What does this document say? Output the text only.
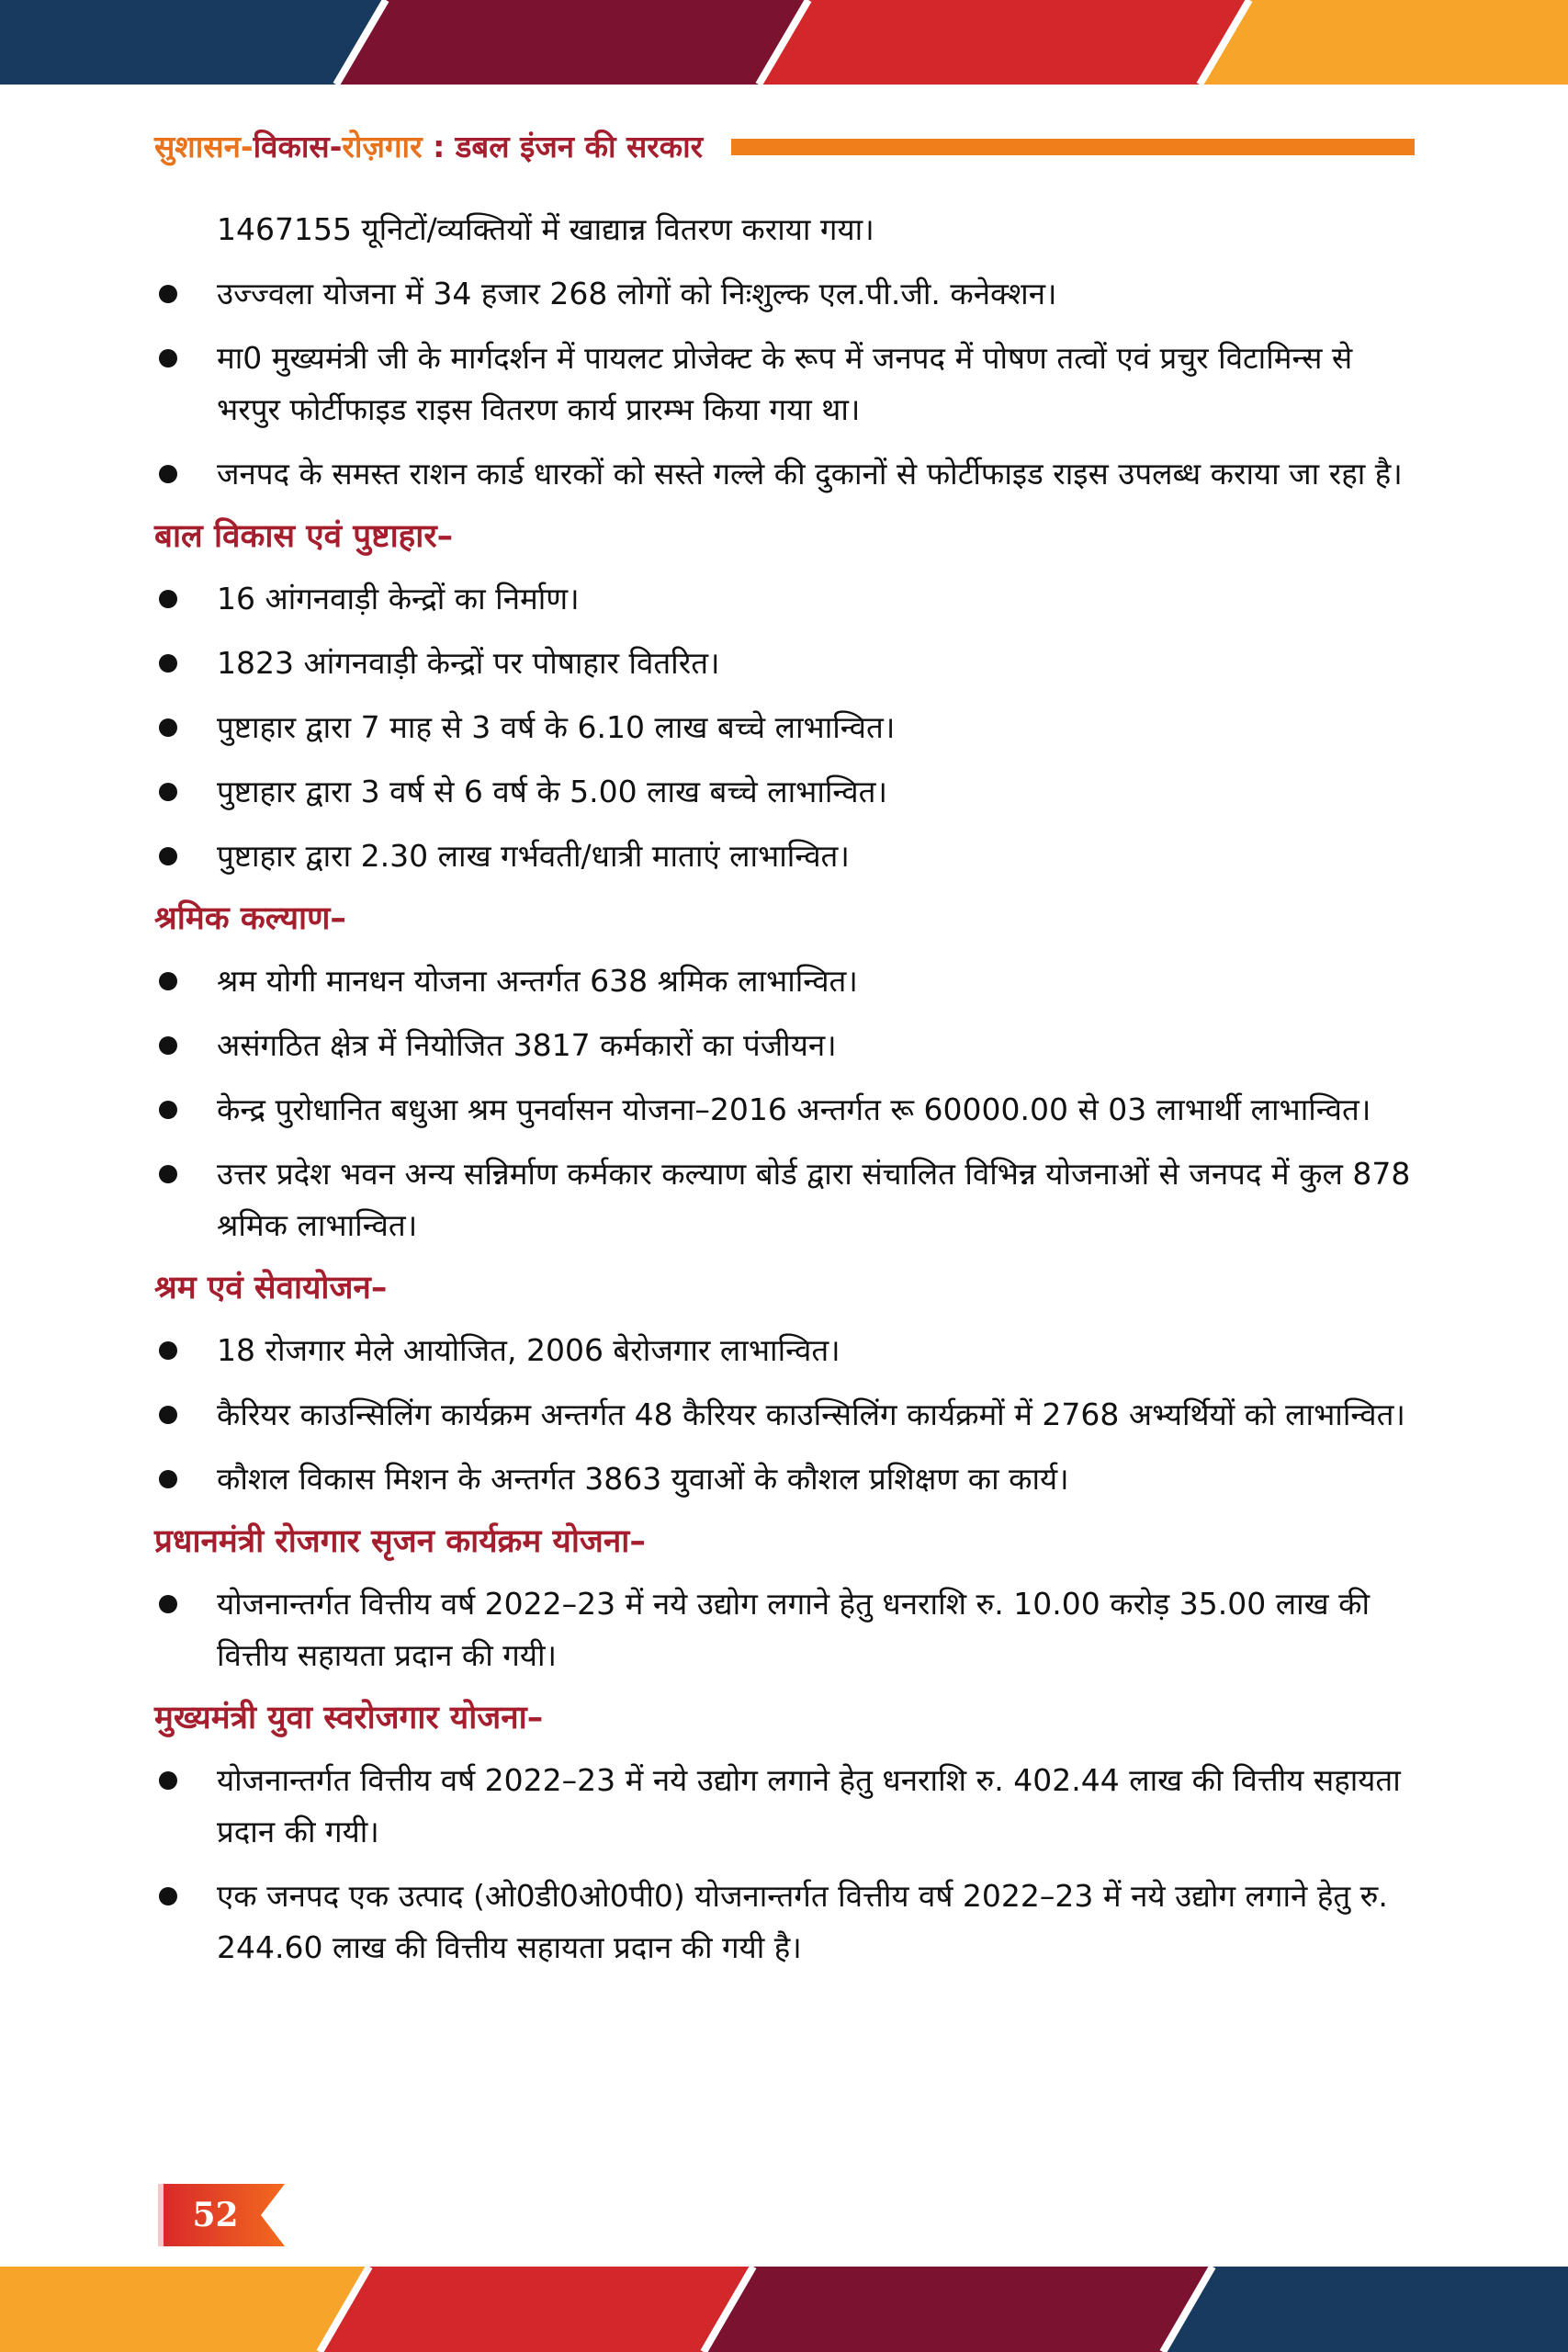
सुशासन-विकास-रोज़गार : डबल इंजन की सरकार
1467155 यूनिटों/व्यक्तियों में खाद्यान्न वितरण कराया गया।
उज्ज्वला योजना में 34 हजार 268 लोगों को निःशुल्क एल.पी.जी. कनेक्शन।
मा0 मुख्यमंत्री जी के मार्गदर्शन में पायलट प्रोजेक्ट के रूप में जनपद में पोषण तत्वों एवं प्रचुर विटामिन्स से भरपुर फोर्टीफाइड राइस वितरण कार्य प्रारम्भ किया गया था।
जनपद के समस्त राशन कार्ड धारकों को सस्ते गल्ले की दुकानों से फोर्टीफाइड राइस उपलब्ध कराया जा रहा है।
बाल विकास एवं पुष्टाहार–
16 आंगनवाड़ी केन्द्रों का निर्माण।
1823 आंगनवाड़ी केन्द्रों पर पोषाहार वितरित।
पुष्टाहार द्वारा 7 माह से 3 वर्ष के 6.10 लाख बच्चे लाभान्वित।
पुष्टाहार द्वारा 3 वर्ष से 6 वर्ष के 5.00 लाख बच्चे लाभान्वित।
पुष्टाहार द्वारा 2.30 लाख गर्भवती/धात्री माताएं लाभान्वित।
श्रमिक कल्याण–
श्रम योगी मानधन योजना अन्तर्गत 638 श्रमिक लाभान्वित।
असंगठित क्षेत्र में नियोजित 3817 कर्मकारों का पंजीयन।
केन्द्र पुरोधानित बधुआ श्रम पुनर्वासन योजना–2016 अन्तर्गत रू 60000.00 से 03 लाभार्थी लाभान्वित।
उत्तर प्रदेश भवन अन्य सन्निर्माण कर्मकार कल्याण बोर्ड द्वारा संचालित विभिन्न योजनाओं से जनपद में कुल 878 श्रमिक लाभान्वित।
श्रम एवं सेवायोजन–
18 रोजगार मेले आयोजित, 2006 बेरोजगार लाभान्वित।
कैरियर काउन्सिलिंग कार्यक्रम अन्तर्गत 48 कैरियर काउन्सिलिंग कार्यक्रमों में 2768 अभ्यर्थियों को लाभान्वित।
कौशल विकास मिशन के अन्तर्गत 3863 युवाओं के कौशल प्रशिक्षण का कार्य।
प्रधानमंत्री रोजगार सृजन कार्यक्रम योजना–
योजनान्तर्गत वित्तीय वर्ष 2022–23 में नये उद्योग लगाने हेतु धनराशि रु. 10.00 करोड़ 35.00 लाख की वित्तीय सहायता प्रदान की गयी।
मुख्यमंत्री युवा स्वरोजगार योजना–
योजनान्तर्गत वित्तीय वर्ष 2022–23 में नये उद्योग लगाने हेतु धनराशि रु. 402.44 लाख की वित्तीय सहायता प्रदान की गयी।
एक जनपद एक उत्पाद (ओ0डी0ओ0पी0) योजनान्तर्गत वित्तीय वर्ष 2022–23 में नये उद्योग लगाने हेतु रु. 244.60 लाख की वित्तीय सहायता प्रदान की गयी है।
52
